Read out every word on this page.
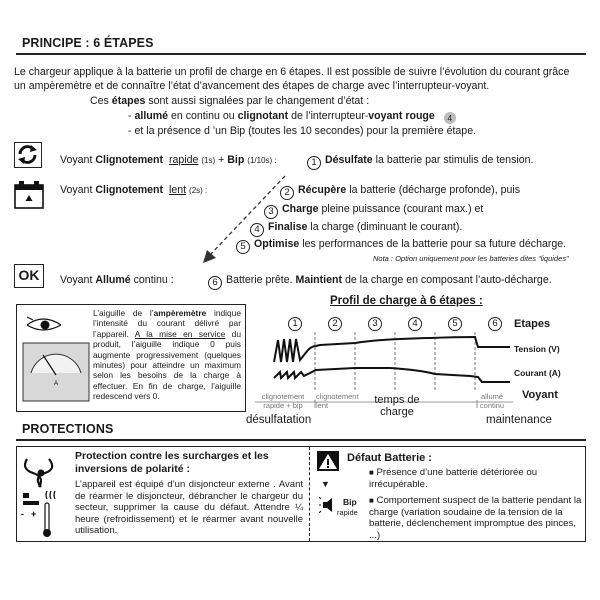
PRINCIPE : 6 ÉTAPES
Le chargeur applique à la batterie un profil de charge en 6 étapes. Il est possible de suivre l’évolution du courant grâce
un ampèremètre et de connaître l’état d’avancement des étapes de charge avec l’interrupteur-voyant.
Ces étapes sont aussi signalées par le changement d’état :
- allumé en continu ou clignotant de l’interrupteur-voyant rouge 4
- et la présence d ’un Bip (toutes les 10 secondes) pour la première étape.
Voyant Clignotement rapide (1s) + Bip (1/10s) :	1 Désulfate la batterie par stimulis de tension.
Voyant Clignotement lent (2s) :	2 Récupère la batterie (décharge profonde), puis
3 Charge pleine puissance (courant max.) et
4 Finalise la charge (diminuant le courant).
5 Optimise les performances de la batterie pour sa future décharge.
Nota : Option uniquement pour les batteries dites “liquides”
OK	Voyant Allumé continu :	6 Batterie prête. Maintient de la charge en composant l’auto-décharge.
A
L’aiguille de l’ampèremètre indique l’intensité du courant délivré par l’appareil. A la mise en service du produit, l’aiguille indique 0 puis augmente progressivement (quelques minutes) pour atteindre un maximum selon les besoins de la charge à effectuer. En fin de charge, l’aiguille redescend vers 0.
Profil de charge à 6 étapes :
Etapes
Tension (V)
Courant (A)
Voyant
1	2	3	4	5	6
clignotement
rapide + bip
clignotement
lent
allumé
continu
temps de
charge
désulfatation	maintenance
PROTECTIONS
- +
Protection contre les surcharges et les
inversions de polarité :
L’appareil est équipé d’un disjoncteur externe . Avant de réarmer le disjoncteur, débrancher le chargeur du secteur, supprimer la cause du défaut. Attendre ¼ heure (refroidissement) et le réarmer avant nouvelle utilisation.
Défaut Batterie :
▼
Bip
rapide
■ Présence d’une batterie détériorée ou irrécupérable.
■ Comportement suspect de la batterie pendant la charge (variation soudaine de la tension de la batterie, déclenchement impromptue des pinces, ...)
